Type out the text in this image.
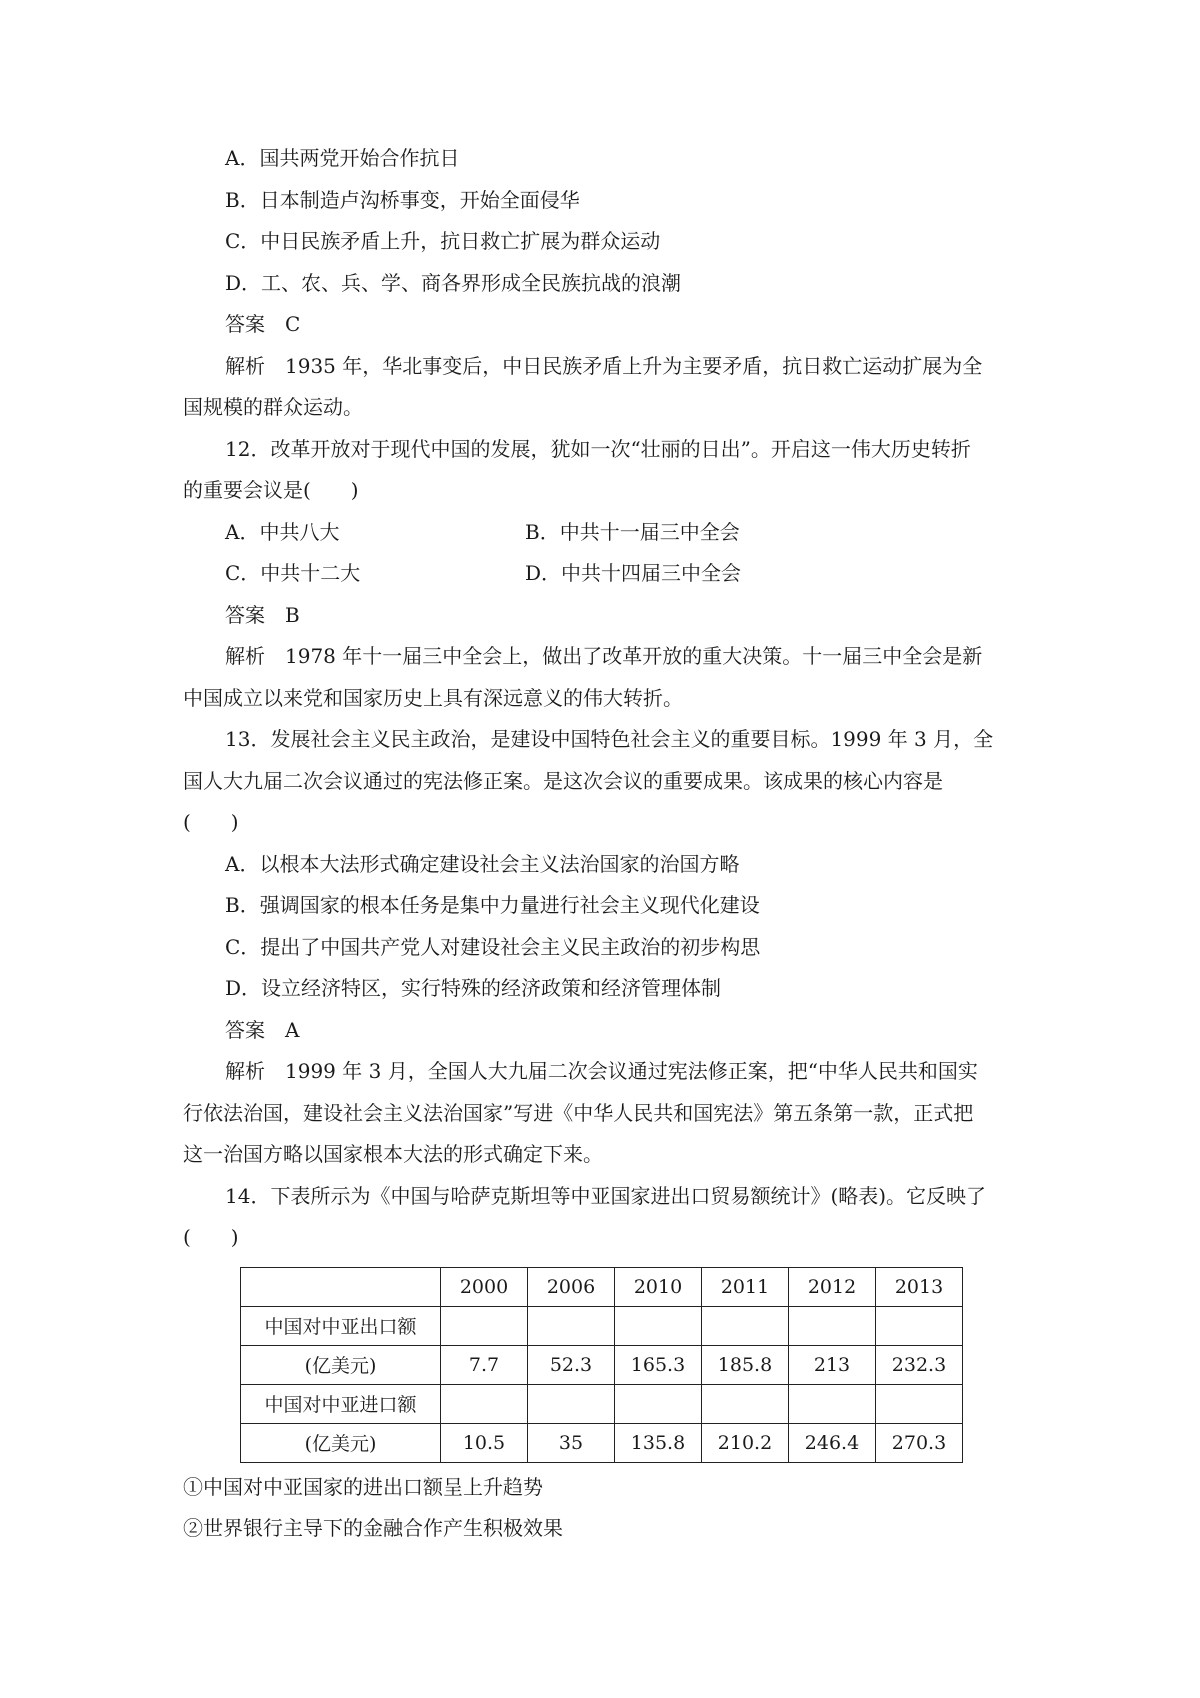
A．国共两党开始合作抗日
B．日本制造卢沟桥事变，开始全面侵华
C．中日民族矛盾上升，抗日救亡扩展为群众运动
D．工、农、兵、学、商各界形成全民族抗战的浪潮
答案　C
解析　1935 年，华北事变后，中日民族矛盾上升为主要矛盾，抗日救亡运动扩展为全
国规模的群众运动。
12．改革开放对于现代中国的发展，犹如一次“壮丽的日出”。开启这一伟大历史转折
的重要会议是(　　)
A．中共八大	B．中共十一届三中全会
C．中共十二大	D．中共十四届三中全会
答案　B
解析　1978 年十一届三中全会上，做出了改革开放的重大决策。十一届三中全会是新
中国成立以来党和国家历史上具有深远意义的伟大转折。
13．发展社会主义民主政治，是建设中国特色社会主义的重要目标。1999 年 3 月，全
国人大九届二次会议通过的宪法修正案。是这次会议的重要成果。该成果的核心内容是
(　　)
A．以根本大法形式确定建设社会主义法治国家的治国方略
B．强调国家的根本任务是集中力量进行社会主义现代化建设
C．提出了中国共产党人对建设社会主义民主政治的初步构思
D．设立经济特区，实行特殊的经济政策和经济管理体制
答案　A
解析　1999 年 3 月，全国人大九届二次会议通过宪法修正案，把“中华人民共和国实
行依法治国，建设社会主义法治国家”写进《中华人民共和国宪法》第五条第一款，正式把
这一治国方略以国家根本大法的形式确定下来。
14．下表所示为《中国与哈萨克斯坦等中亚国家进出口贸易额统计》(略表)。它反映了
(　　)
	2000	2006	2010	2011	2012	2013
中国对中亚出口额						
(亿美元)	7.7	52.3	165.3	185.8	213	232.3
中国对中亚进口额						
(亿美元)	10.5	35	135.8	210.2	246.4	270.3
①中国对中亚国家的进出口额呈上升趋势
②世界银行主导下的金融合作产生积极效果
